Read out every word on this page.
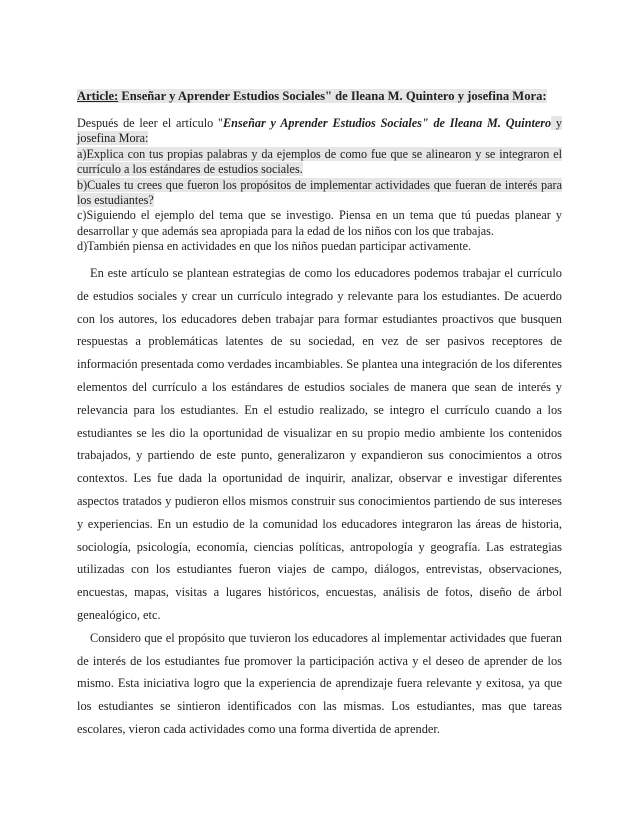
Article: Enseñar y Aprender Estudios Sociales" de Ileana M. Quintero y josefina Mora:

Después de leer el artículo "Enseñar y Aprender Estudios Sociales" de Ileana M. Quintero y josefina Mora:

a)Explica con tus propias palabras y da ejemplos de como fue que se alinearon y se integraron el currículo a los estándares de estudios sociales.

b)Cuales tu crees que fueron los propósitos de implementar actividades que fueran de interés para los estudiantes?

c)Siguiendo el ejemplo del tema que se investigo. Piensa en un tema que tú puedas planear y desarrollar y que además sea apropiada para la edad de los niños con los que trabajas.

d)También piensa en actividades en que los niños puedan participar activamente.

En este artículo se plantean estrategias de como los educadores podemos trabajar el currículo de estudios sociales y crear un currículo integrado y relevante para los estudiantes. De acuerdo con los autores, los educadores deben trabajar para formar estudiantes proactivos que busquen respuestas a problemáticas latentes de su sociedad, en vez de ser pasivos receptores de información presentada como verdades incambiables. Se plantea una integración de los diferentes elementos del currículo a los estándares de estudios sociales de manera que sean de interés y relevancia para los estudiantes. En el estudio realizado, se integro el currículo cuando a los estudiantes se les dio la oportunidad de visualizar en su propio medio ambiente los contenidos trabajados, y partiendo de este punto, generalizaron y expandieron sus conocimientos a otros contextos. Les fue dada la oportunidad de inquirir, analizar, observar e investigar diferentes aspectos tratados y pudieron ellos mismos construir sus conocimientos partiendo de sus intereses y experiencias. En un estudio de la comunidad los educadores integraron las áreas de historia, sociología, psicología, economía, ciencias políticas, antropología y geografía. Las estrategias utilizadas con los estudiantes fueron viajes de campo, diálogos, entrevistas, observaciones, encuestas, mapas, visitas a lugares históricos, encuestas, análisis de fotos, diseño de árbol genealógico, etc.

Considero que el propósito que tuvieron los educadores al implementar actividades que fueran de interés de los estudiantes fue promover la participación activa y el deseo de aprender de los mismo. Esta iniciativa logro que la experiencia de aprendizaje fuera relevante y exitosa, ya que los estudiantes se sintieron identificados con las mismas. Los estudiantes, mas que tareas escolares, vieron cada actividades como una forma divertida de aprender.
